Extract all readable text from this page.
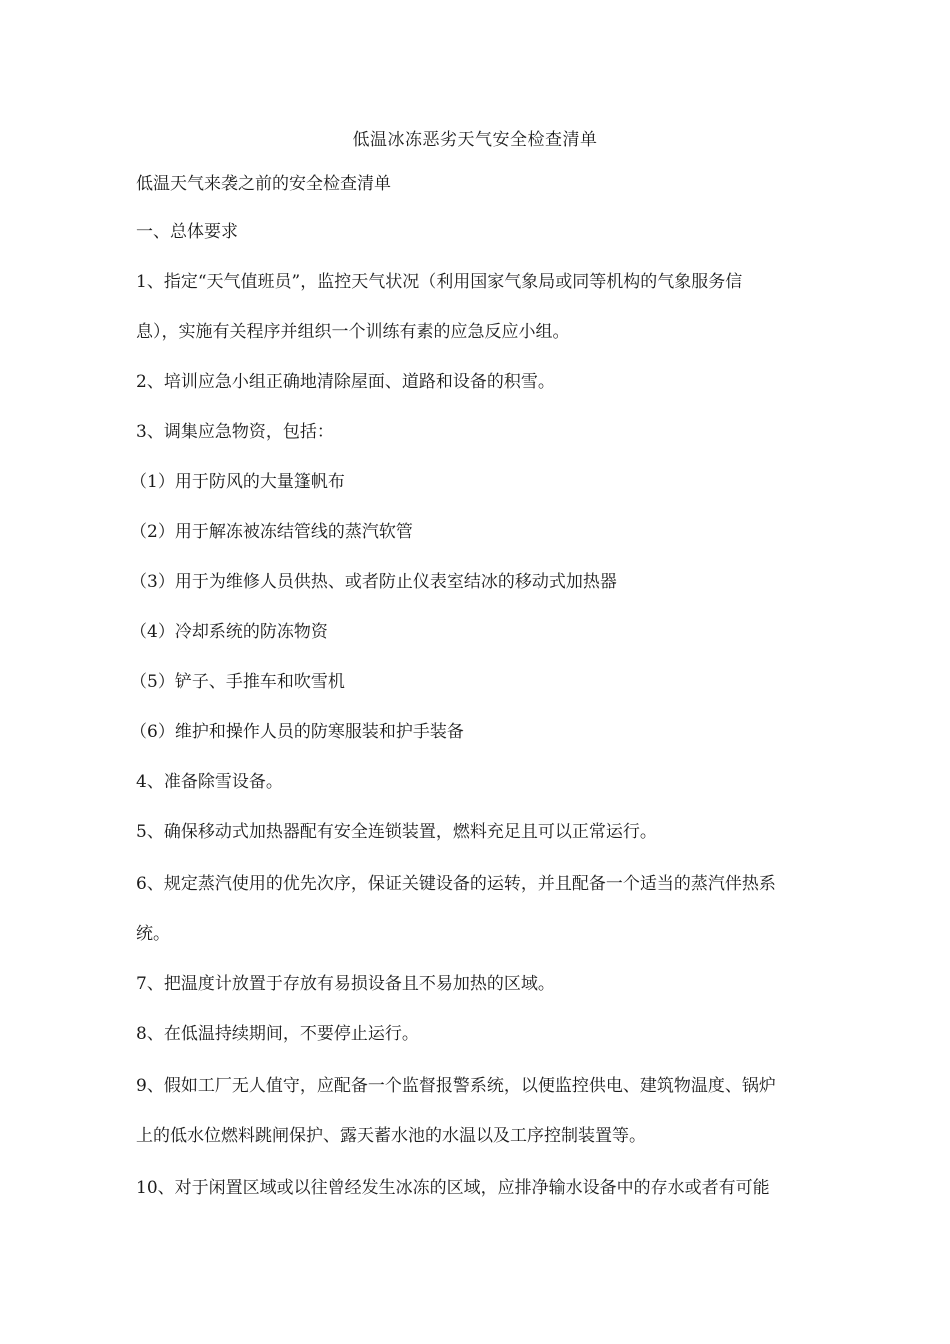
低温冰冻恶劣天气安全检查清单

低温天气来袭之前的安全检查清单

一、总体要求

1、指定“天气值班员”，监控天气状况（利用国家气象局或同等机构的气象服务信

息），实施有关程序并组织一个训练有素的应急反应小组。

2、培训应急小组正确地清除屋面、道路和设备的积雪。

3、调集应急物资，包括：

（1）用于防风的大量篷帆布

（2）用于解冻被冻结管线的蒸汽软管

（3）用于为维修人员供热、或者防止仪表室结冰的移动式加热器

（4）冷却系统的防冻物资

（5）铲子、手推车和吹雪机

（6）维护和操作人员的防寒服装和护手装备

4、准备除雪设备。

5、确保移动式加热器配有安全连锁装置，燃料充足且可以正常运行。

6、规定蒸汽使用的优先次序，保证关键设备的运转，并且配备一个适当的蒸汽伴热系

统。

7、把温度计放置于存放有易损设备且不易加热的区域。

8、在低温持续期间，不要停止运行。

9、假如工厂无人值守，应配备一个监督报警系统，以便监控供电、建筑物温度、锅炉

上的低水位燃料跳闸保护、露天蓄水池的水温以及工序控制装置等。

10、对于闲置区域或以往曾经发生冰冻的区域，应排净输水设备中的存水或者有可能
